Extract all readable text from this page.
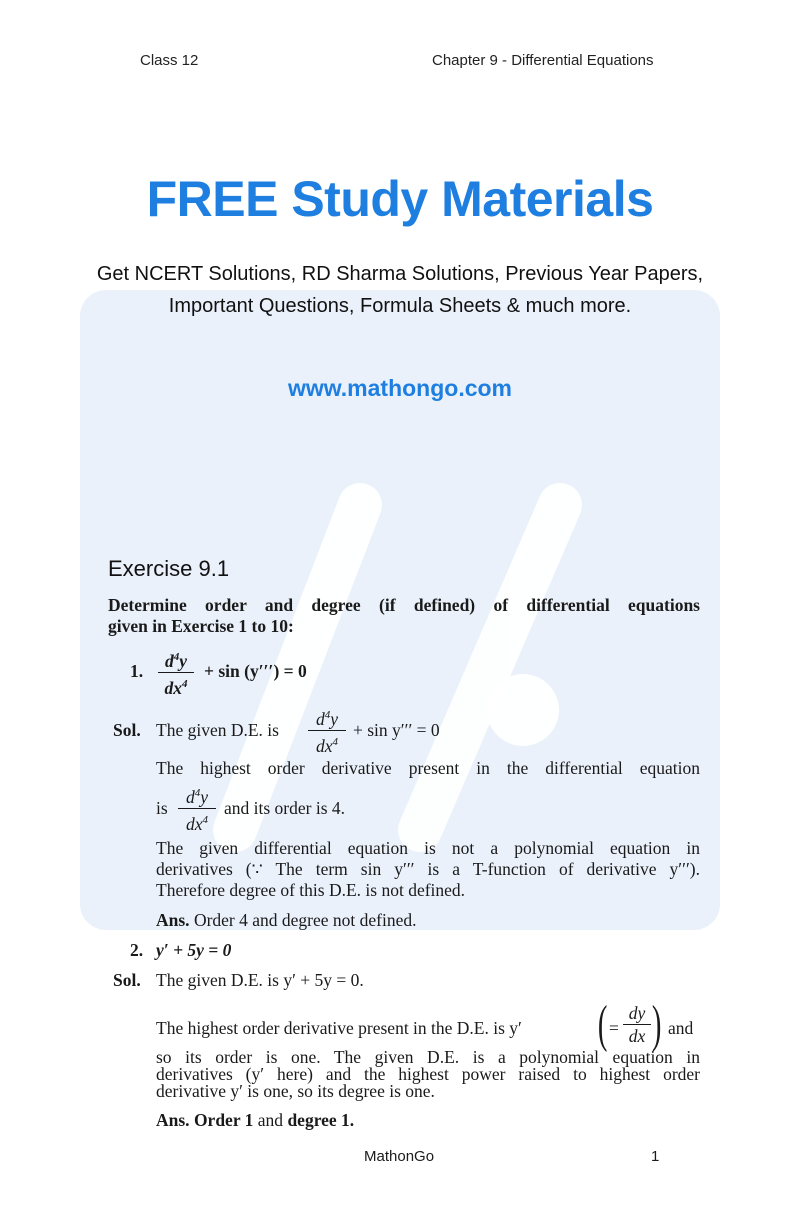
Class 12	Chapter 9 - Differential Equations
FREE Study Materials
Get NCERT Solutions, RD Sharma Solutions, Previous Year Papers,
Important Questions, Formula Sheets & much more.
www.mathongo.com
Exercise 9.1
Determine order and degree (if defined) of differential equations
given in Exercise 1 to 10:
1.	$d^4y$
$dx^4$
+ sin (y′′′) = 0
Sol. The given D.E. is
$d^4y$
$dx^4$
+ sin y′′′ = 0
The highest order derivative present in the differential equation
is
$d^4y$
$dx^4$
and its order is 4.
The given differential equation is not a polynomial equation in
derivatives (∵ The term sin y′′′ is a T-function of derivative y′′′).
Therefore degree of this D.E. is not defined.
Ans. Order 4 and degree not defined.
2. y′ + 5y = 0
Sol. The given D.E. is y′ + 5y = 0.
The highest order derivative present in the D.E. is y′ ( =
dy
dx ) and
so its order is one. The given D.E. is a polynomial equation in
derivatives (y′ here) and the highest power raised to highest order
derivative y′ is one, so its degree is one.
Ans. Order 1 and degree 1.
MathonGo	1
